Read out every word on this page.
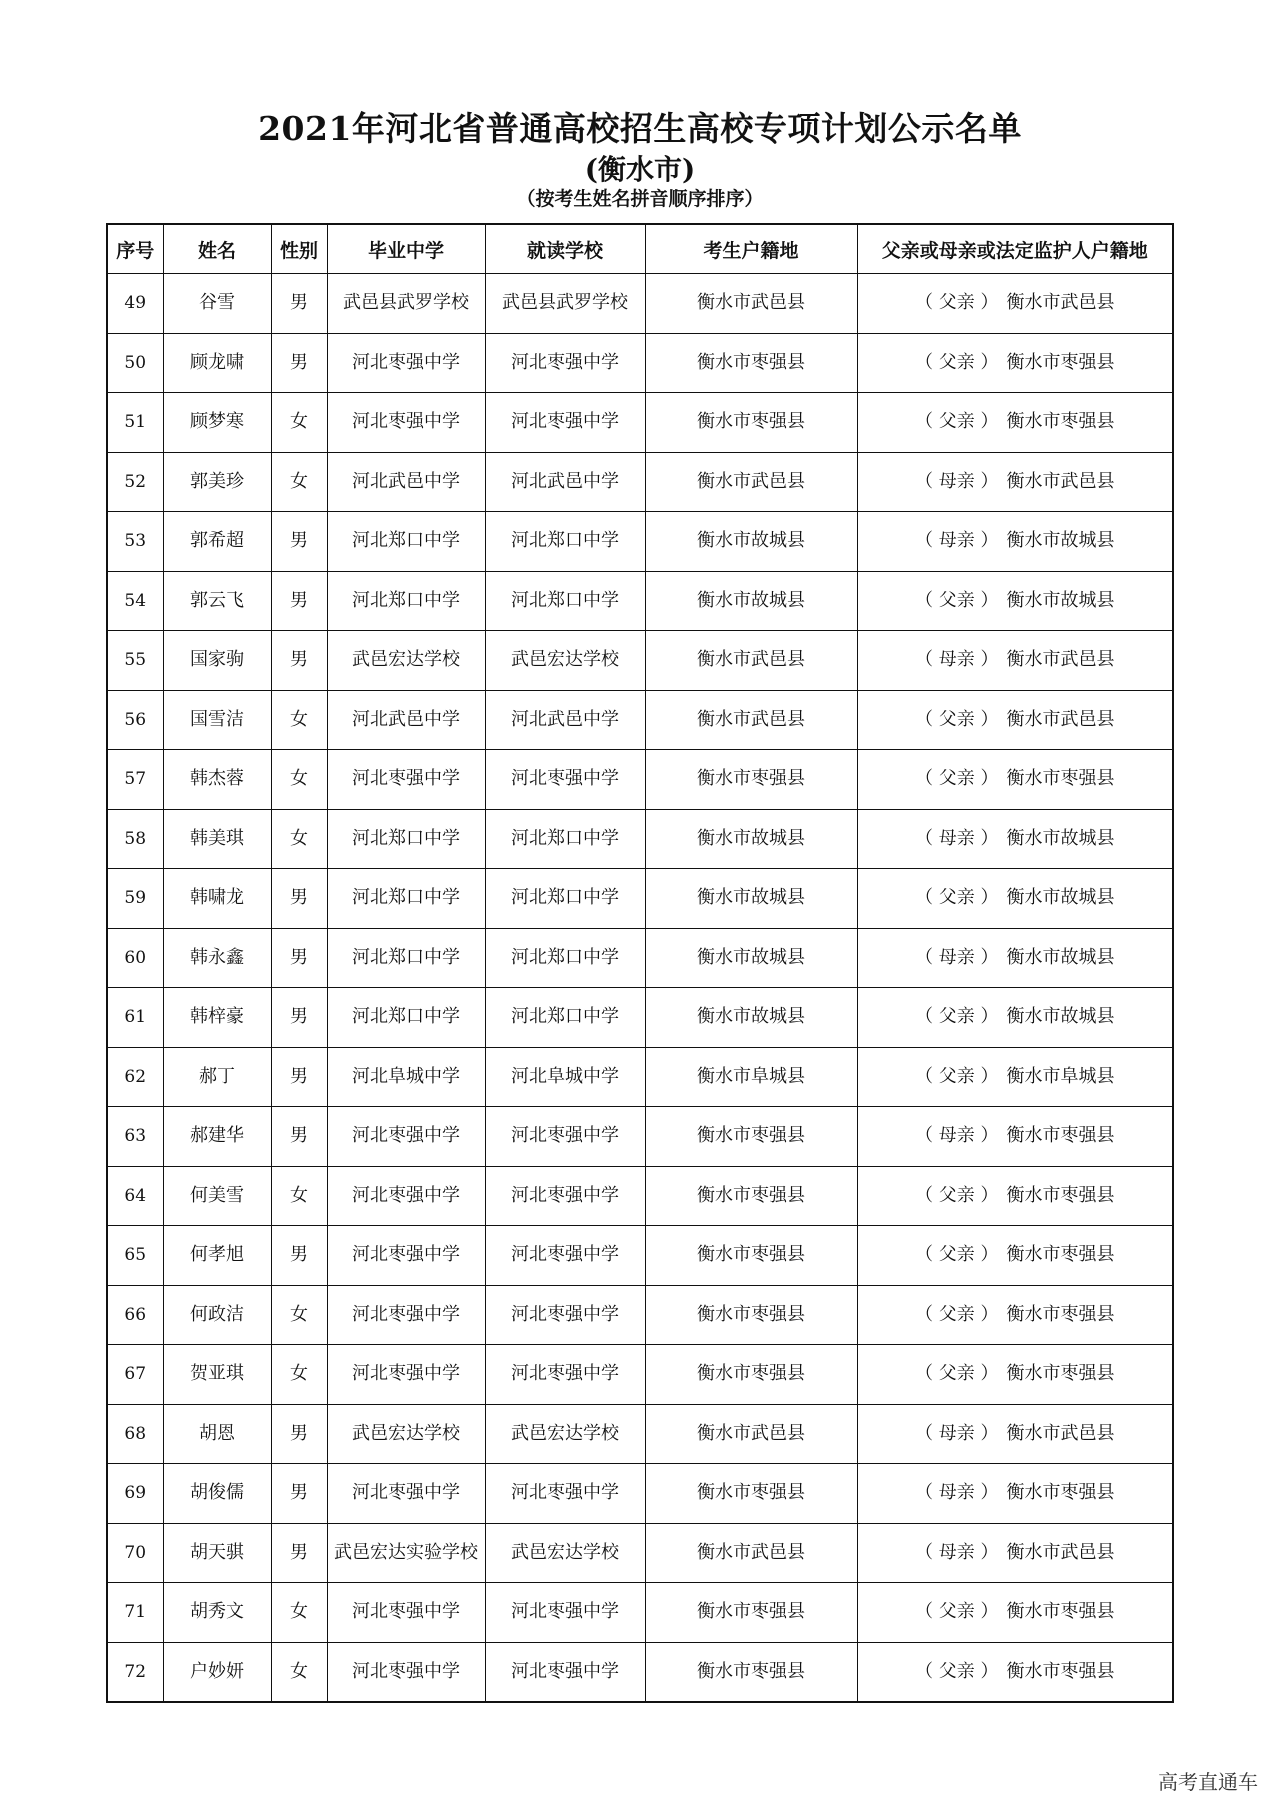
2021年河北省普通高校招生高校专项计划公示名单
(衡水市)
（按考生姓名拼音顺序排序）
序号	姓名	性别	毕业中学	就读学校	考生户籍地	父亲或母亲或法定监护人户籍地
49	谷雪	男	武邑县武罗学校	武邑县武罗学校	衡水市武邑县	（ 父亲 ） 衡水市武邑县
50	顾龙啸	男	河北枣强中学	河北枣强中学	衡水市枣强县	（ 父亲 ） 衡水市枣强县
51	顾梦寒	女	河北枣强中学	河北枣强中学	衡水市枣强县	（ 父亲 ） 衡水市枣强县
52	郭美珍	女	河北武邑中学	河北武邑中学	衡水市武邑县	（ 母亲 ） 衡水市武邑县
53	郭希超	男	河北郑口中学	河北郑口中学	衡水市故城县	（ 母亲 ） 衡水市故城县
54	郭云飞	男	河北郑口中学	河北郑口中学	衡水市故城县	（ 父亲 ） 衡水市故城县
55	国家驹	男	武邑宏达学校	武邑宏达学校	衡水市武邑县	（ 母亲 ） 衡水市武邑县
56	国雪洁	女	河北武邑中学	河北武邑中学	衡水市武邑县	（ 父亲 ） 衡水市武邑县
57	韩杰蓉	女	河北枣强中学	河北枣强中学	衡水市枣强县	（ 父亲 ） 衡水市枣强县
58	韩美琪	女	河北郑口中学	河北郑口中学	衡水市故城县	（ 母亲 ） 衡水市故城县
59	韩啸龙	男	河北郑口中学	河北郑口中学	衡水市故城县	（ 父亲 ） 衡水市故城县
60	韩永鑫	男	河北郑口中学	河北郑口中学	衡水市故城县	（ 母亲 ） 衡水市故城县
61	韩梓豪	男	河北郑口中学	河北郑口中学	衡水市故城县	（ 父亲 ） 衡水市故城县
62	郝丁	男	河北阜城中学	河北阜城中学	衡水市阜城县	（ 父亲 ） 衡水市阜城县
63	郝建华	男	河北枣强中学	河北枣强中学	衡水市枣强县	（ 母亲 ） 衡水市枣强县
64	何美雪	女	河北枣强中学	河北枣强中学	衡水市枣强县	（ 父亲 ） 衡水市枣强县
65	何孝旭	男	河北枣强中学	河北枣强中学	衡水市枣强县	（ 父亲 ） 衡水市枣强县
66	何政洁	女	河北枣强中学	河北枣强中学	衡水市枣强县	（ 父亲 ） 衡水市枣强县
67	贺亚琪	女	河北枣强中学	河北枣强中学	衡水市枣强县	（ 父亲 ） 衡水市枣强县
68	胡恩	男	武邑宏达学校	武邑宏达学校	衡水市武邑县	（ 母亲 ） 衡水市武邑县
69	胡俊儒	男	河北枣强中学	河北枣强中学	衡水市枣强县	（ 母亲 ） 衡水市枣强县
70	胡天骐	男	武邑宏达实验学校	武邑宏达学校	衡水市武邑县	（ 母亲 ） 衡水市武邑县
71	胡秀文	女	河北枣强中学	河北枣强中学	衡水市枣强县	（ 父亲 ） 衡水市枣强县
72	户妙妍	女	河北枣强中学	河北枣强中学	衡水市枣强县	（ 父亲 ） 衡水市枣强县
高考直通车
